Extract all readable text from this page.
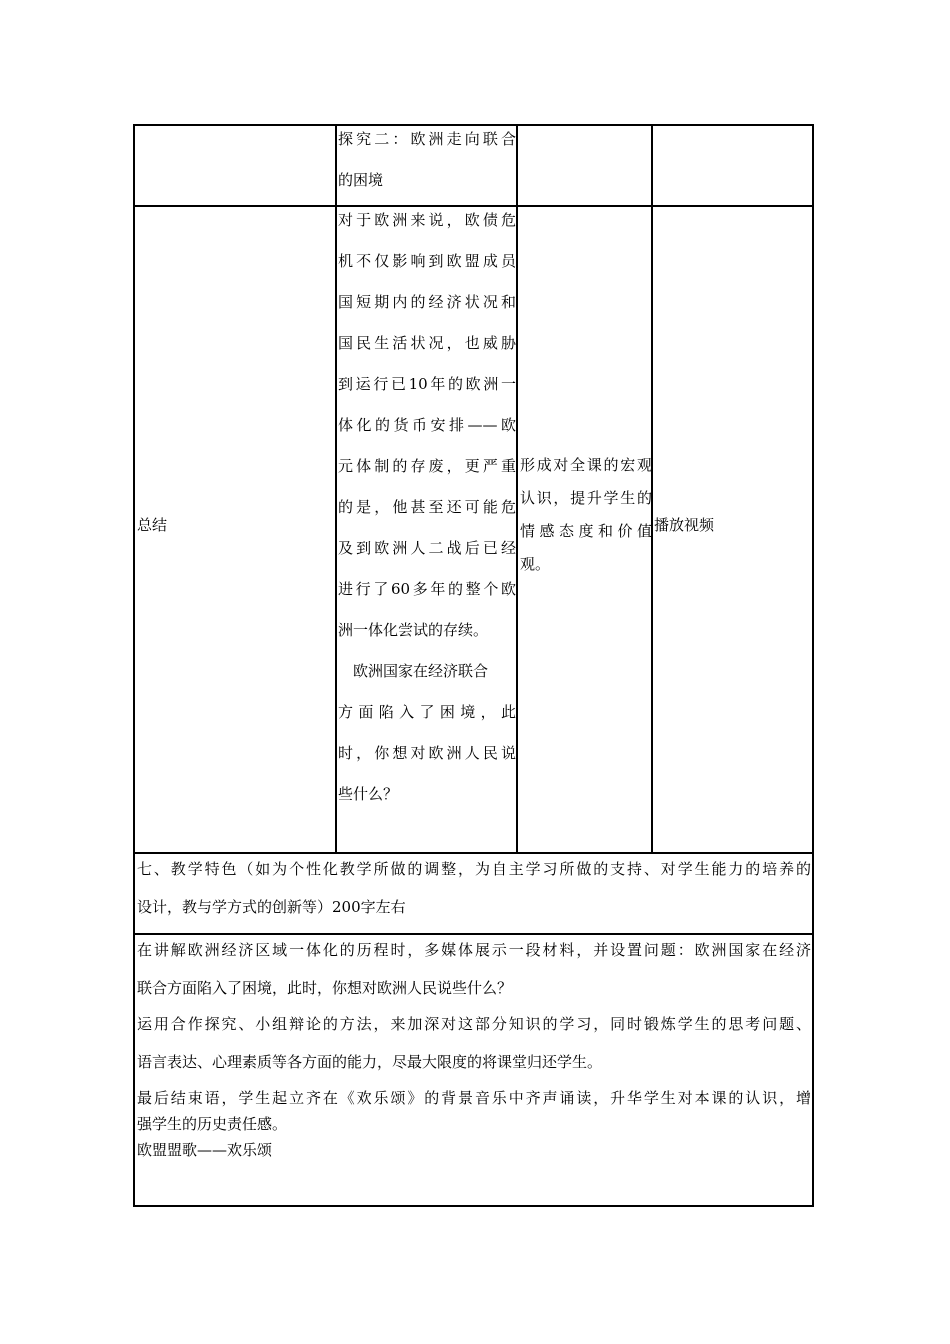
探究二：欧洲走向联合
的困境
总结
对于欧洲来说，欧债危
机不仅影响到欧盟成员
国短期内的经济状况和
国民生活状况，也威胁
到运行已10年的欧洲一
体化的货币安排——欧
元体制的存废，更严重
的是，他甚至还可能危
及到欧洲人二战后已经
进行了60多年的整个欧
洲一体化尝试的存续。
　欧洲国家在经济联合
方面陷入了困境，此
时，你想对欧洲人民说
些什么？
形成对全课的宏观
认识，提升学生的
情感态度和价值
观。
播放视频
七、教学特色（如为个性化教学所做的调整，为自主学习所做的支持、对学生能力的培养的
设计，教与学方式的创新等）200字左右
在讲解欧洲经济区域一体化的历程时，多媒体展示一段材料，并设置问题：欧洲国家在经济
联合方面陷入了困境，此时，你想对欧洲人民说些什么？
运用合作探究、小组辩论的方法，来加深对这部分知识的学习，同时锻炼学生的思考问题、
语言表达、心理素质等各方面的能力，尽最大限度的将课堂归还学生。
最后结束语，学生起立齐在《欢乐颂》的背景音乐中齐声诵读，升华学生对本课的认识，增
强学生的历史责任感。
欧盟盟歌——欢乐颂
